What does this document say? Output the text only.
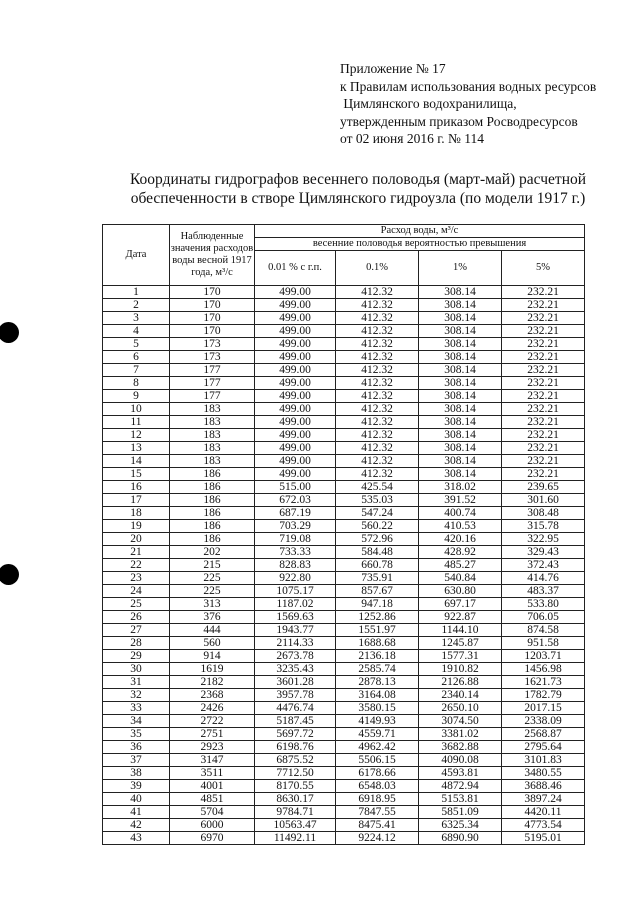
Приложение № 17
к Правилам использования водных ресурсов
Цимлянского водохранилища,
утвержденным приказом Росводресурсов
от 02 июня 2016 г. № 114
Координаты гидрографов весеннего половодья (март-май) расчетной
обеспеченности в створе Цимлянского гидроузла (по модели 1917 г.)
Дата	Наблюденные значения расходов воды весной 1917 года, м³/с	Расход воды, м³/с			
		весенние половодья вероятностью превышения			
		0.01 % с г.п.	0.1%	1%	5%
1	170	499.00	412.32	308.14	232.21
2	170	499.00	412.32	308.14	232.21
3	170	499.00	412.32	308.14	232.21
4	170	499.00	412.32	308.14	232.21
5	173	499.00	412.32	308.14	232.21
6	173	499.00	412.32	308.14	232.21
7	177	499.00	412.32	308.14	232.21
8	177	499.00	412.32	308.14	232.21
9	177	499.00	412.32	308.14	232.21
10	183	499.00	412.32	308.14	232.21
11	183	499.00	412.32	308.14	232.21
12	183	499.00	412.32	308.14	232.21
13	183	499.00	412.32	308.14	232.21
14	183	499.00	412.32	308.14	232.21
15	186	499.00	412.32	308.14	232.21
16	186	515.00	425.54	318.02	239.65
17	186	672.03	535.03	391.52	301.60
18	186	687.19	547.24	400.74	308.48
19	186	703.29	560.22	410.53	315.78
20	186	719.08	572.96	420.16	322.95
21	202	733.33	584.48	428.92	329.43
22	215	828.83	660.78	485.27	372.43
23	225	922.80	735.91	540.84	414.76
24	225	1075.17	857.67	630.80	483.37
25	313	1187.02	947.18	697.17	533.80
26	376	1569.63	1252.86	922.87	706.05
27	444	1943.77	1551.97	1144.10	874.58
28	560	2114.33	1688.68	1245.87	951.58
29	914	2673.78	2136.18	1577.31	1203.71
30	1619	3235.43	2585.74	1910.82	1456.98
31	2182	3601.28	2878.13	2126.88	1621.73
32	2368	3957.78	3164.08	2340.14	1782.79
33	2426	4476.74	3580.15	2650.10	2017.15
34	2722	5187.45	4149.93	3074.50	2338.09
35	2751	5697.72	4559.71	3381.02	2568.87
36	2923	6198.76	4962.42	3682.88	2795.64
37	3147	6875.52	5506.15	4090.08	3101.83
38	3511	7712.50	6178.66	4593.81	3480.55
39	4001	8170.55	6548.03	4872.94	3688.46
40	4851	8630.17	6918.95	5153.81	3897.24
41	5704	9784.71	7847.55	5851.09	4420.11
42	6000	10563.47	8475.41	6325.34	4773.54
43	6970	11492.11	9224.12	6890.90	5195.01
